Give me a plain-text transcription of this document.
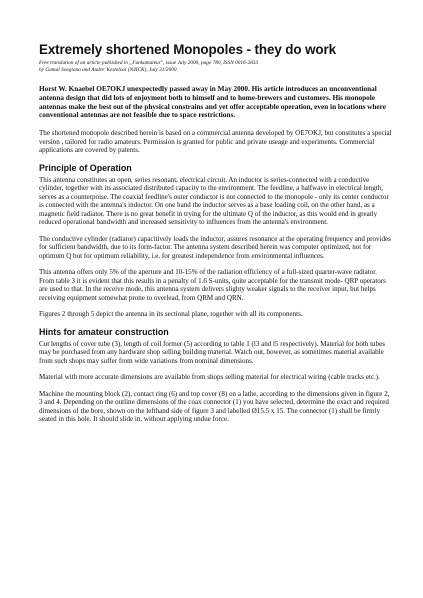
Extremely shortened Monopoles - they do work
Free translation of an article published in „Funkamateur", issue July 2000, page 780, ISSN 0016-2833
by Gamal Soegiono and Andre' Kestelooi (N4ICK), July 31/2000

Horst W. Knaebel OE7OKJ unexpectedly passed away in May 2000. His article introduces an unconventional antenna design that did lots of enjoyment both to himself and to home-brewers and customers. His monopole antennas make the best out of the physical constrains and yet offer acceptable operation, even in locations where conventional antennas are not feasible due to space restrictions.

The shortened monopole described herein is based on a commercial antenna developed by OE7OKJ, but constitutes a special version , tailored for radio amateurs. Permission is granted for public and private useage and experiments. Commercial applications are covered by patents.

Principle of Operation

This antenna constitutes an open, series resonant, electrical circuit. An inductor is series-connected with a conductive cylinder, together with its associated distributed capacity to the environment. The feedline, a halfwave in electrical length, serves as a counterpoise. The coaxial feedline's outer conductor is not connected to the monopole - only its center conductor is connected with the antenna's inductor. On one hand the inductor serves as a base loading coil, on the other hand, as a magnetic field radiator. There is no great benefit in trying for the ultimate Q of the inductor, as this would end in greatly reduced operational bandwidth and increased sensitivity to influences from the antenna's environment.

The conductive cylinder (radiator) capacitively loads the inductor, assures resonance at the operating frequency and provides for sufficient bandwidth, due to its form-factor. The antenna system described herein was computer optimized, not for optimum Q but for optimum reliability, i.e. for greatest independence from environmental influences.

This antenna offers only 5% of the aperture and 10-15% of the radiation efficiency of a full-sized quarter-wave radiator. From table 3 it is evident that this results in a penalty of 1.6 S-units, quite acceptable for the transmit mode- QRP operators are used to that. In the receive mode, this antenna system delivers slighty weaker signals to the receiver input, but helps receiving equipment somewhat prone to overlead, from QRM and QRN.

Figures 2 through 5 depict the antenna in its sectional plane, together with all its components.

Hints for amateur construction

Cut lengths of cover tube (3), length of coil former (5) according to table 1 (l3 and l5 respectively). Material for both tubes may be purchased from any hardware shop selling building material. Watch out, however, as sometimes material available from such shops may suffer from wide variations from nominal dimensions.

Material with more accurate dimensions are available from shops selling material for electrical wiring (cable tracks etc.).

Machine the mounting block (2), contact ring (6) and top cover (8) on a lathe, according to the dimensions given in figure 2, 3 and 4. Depending on the outline dimensions of the coax connector (1) you have selected, determine the exact and required dimensions of the bore, shown on the lefthand side of figure 3 and labelled Ø15.5 x 15. The connector (1) shall be firmly seated in this hole. It should slide in, without applying undue force.
